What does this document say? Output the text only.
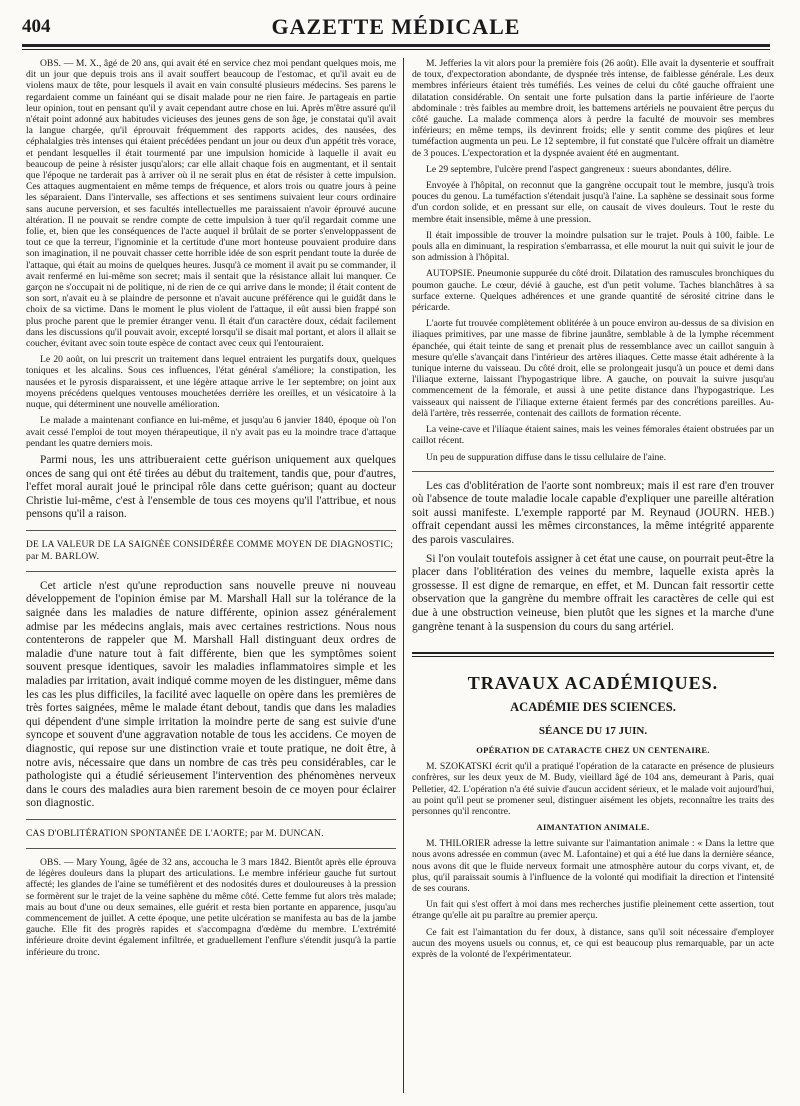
GAZETTE MÉDICALE
404

OBS. — M. X., âgé de 20 ans, qui avait été en service chez moi pendant quelques mois, me dit un jour que depuis trois ans il avait souffert beaucoup de l'estomac, et qu'il avait eu de violens maux de tête, pour lesquels il avait en vain consulté plusieurs médecins. Ses parens le regardaient comme un fainéant qui se disait malade pour ne rien faire. Je partageais en partie leur opinion, tout en pensant qu'il y avait cependant autre chose en lui. Après m'être assuré qu'il n'était point adonné aux habitudes vicieuses des jeunes gens de son âge, je constatai qu'il avait la langue chargée, qu'il éprouvait fréquemment des rapports acides, des nausées, des céphalalgies très intenses qui étaient précédées pendant un jour ou deux d'un appétit très vorace, et pendant lesquelles il était tourmenté par une impulsion homicide à laquelle il avait eu beaucoup de peine à résister jusqu'alors; car elle allait chaque fois en augmentant, et il sentait que l'époque ne tarderait pas à arriver où il ne serait plus en état de résister à cette impulsion. Ces attaques augmentaient en même temps de fréquence, et alors trois ou quatre jours à peine les séparaient. Dans l'intervalle, ses affections et ses sentimens suivaient leur cours ordinaire sans aucune perversion, et ses facultés intellectuelles me paraissaient n'avoir éprouvé aucune altération. Il ne pouvait se rendre compte de cette impulsion à tuer qu'il regardait comme une folie, et, bien que les conséquences de l'acte auquel il brûlait de se porter s'enveloppassent de tout ce que la terreur, l'ignominie et la certitude d'une mort honteuse pouvaient produire dans son imagination, il ne pouvait chasser cette horrible idée de son esprit pendant toute la durée de l'attaque, qui était au moins de quelques heures. Jusqu'à ce moment il avait pu se commander, il avait renfermé en lui-même son secret; mais il sentait que la résistance allait lui manquer. Ce garçon ne s'occupait ni de politique, ni de rien de ce qui arrive dans le monde; il était content de son sort, n'avait eu à se plaindre de personne et n'avait aucune préférence qui le guidât dans le choix de sa victime. Dans le moment le plus violent de l'attaque, il eût aussi bien frappé son plus proche parent que le premier étranger venu. Il était d'un caractère doux, cédait facilement dans les discussions qu'il pouvait avoir, excepté lorsqu'il se disait mal portant, et alors il allait se coucher, évitant avec soin toute espèce de contact avec ceux qui l'entouraient.

Le 20 août, on lui prescrit un traitement dans lequel entraient les purgatifs doux, quelques toniques et les alcalins. Sous ces influences, l'état général s'améliore; la constipation, les nausées et le pyrosis disparaissent, et une légère attaque arrive le 1er septembre; on joint aux moyens précédens quelques ventouses mouchetées derrière les oreilles, et un vésicatoire à la nuque, qui déterminent une nouvelle amélioration.

Le malade a maintenant confiance en lui-même, et jusqu'au 6 janvier 1840, époque où l'on avait cessé l'emploi de tout moyen thérapeutique, il n'y avait pas eu la moindre trace d'attaque pendant les quatre derniers mois.

Parmi nous, les uns attribueraient cette guérison uniquement aux quelques onces de sang qui ont été tirées au début du traitement, tandis que, pour d'autres, l'effet moral aurait joué le principal rôle dans cette guérison; quant au docteur Christie lui-même, c'est à l'ensemble de tous ces moyens qu'il l'attribue, et nous pensons qu'il a raison.

DE LA VALEUR DE LA SAIGNÉE CONSIDÉRÉE COMME MOYEN DE DIAGNOSTIC; par M. BARLOW.

Cet article n'est qu'une reproduction sans nouvelle preuve ni nouveau développement de l'opinion émise par M. Marshall Hall sur la tolérance de la saignée dans les maladies de nature différente, opinion assez généralement admise par les médecins anglais, mais avec certaines restrictions. Nous nous contenterons de rappeler que M. Marshall Hall distinguant deux ordres de maladie d'une nature tout à fait différente, bien que les symptômes soient souvent presque identiques, savoir les maladies inflammatoires simple et les maladies par irritation, avait indiqué comme moyen de les distinguer, même dans les cas les plus difficiles, la facilité avec laquelle on opère dans les premières de très fortes saignées, même le malade étant debout, tandis que dans les maladies qui dépendent d'une simple irritation la moindre perte de sang est suivie d'une syncope et souvent d'une aggravation notable de tous les accidens. Ce moyen de diagnostic, qui repose sur une distinction vraie et toute pratique, ne doit être, à notre avis, nécessaire que dans un nombre de cas très peu considérables, car le pathologiste qui a étudié sérieusement l'intervention des phénomènes nerveux dans le cours des maladies aura bien rarement besoin de ce moyen pour éclairer son diagnostic.

CAS D'OBLITÉRATION SPONTANÉE DE L'AORTE; par M. DUNCAN.

OBS. — Mary Young, âgée de 32 ans, accoucha le 3 mars 1842. Bientôt après elle éprouva de légères douleurs dans la plupart des articulations. Le membre inférieur gauche fut surtout affecté; les glandes de l'aine se tuméfièrent et des nodosités dures et douloureuses à la pression se formèrent sur le trajet de la veine saphène du même côté. Cette femme fut alors très malade; mais au bout d'une ou deux semaines, elle guérit et resta bien portante en apparence, jusqu'au commencement de juillet. A cette époque, une petite ulcération se manifesta au bas de la jambe gauche. Elle fit des progrès rapides et s'accompagna d'œdème du membre. L'extrémité inférieure droite devint également infiltrée, et graduellement l'enflure s'étendit jusqu'à la partie inférieure du tronc.

M. Jefferies la vit alors pour la première fois (26 août). Elle avait la dysenterie et souffrait de toux, d'expectoration abondante, de dyspnée très intense, de faiblesse générale. Les deux membres inférieurs étaient très tuméfiés. Les veines de celui du côté gauche offraient une dilatation considérable. On sentait une forte pulsation dans la partie inférieure de l'aorte abdominale : très faibles au membre droit, les battemens artériels ne pouvaient être perçus du côté gauche. La malade commença alors à perdre la faculté de mouvoir ses membres inférieurs; en même temps, ils devinrent froids; elle y sentit comme des piqûres et leur tuméfaction augmenta un peu. Le 12 septembre, il fut constaté que l'ulcère offrait un diamètre de 3 pouces. L'expectoration et la dyspnée avaient été en augmentant.

Le 29 septembre, l'ulcère prend l'aspect gangreneux : sueurs abondantes, délire.

Envoyée à l'hôpital, on reconnut que la gangrène occupait tout le membre, jusqu'à trois pouces du genou. La tuméfaction s'étendait jusqu'à l'aine. La saphène se dessinait sous forme d'un cordon solide, et en pressant sur elle, on causait de vives douleurs. Tout le reste du membre était insensible, même à une pression.

Il était impossible de trouver la moindre pulsation sur le trajet. Pouls à 100, faible. Le pouls alla en diminuant, la respiration s'embarrassa, et elle mourut la nuit qui suivit le jour de son admission à l'hôpital.

AUTOPSIE. Pneumonie suppurée du côté droit. Dilatation des ramuscules bronchiques du poumon gauche. Le cœur, dévié à gauche, est d'un petit volume. Taches blanchâtres à sa surface externe. Quelques adhérences et une grande quantité de sérosité citrine dans le péricarde.

L'aorte fut trouvée complètement oblitérée à un pouce environ au-dessus de sa division en iliaques primitives, par une masse de fibrine jaunâtre, semblable à de la lymphe récemment épanchée, qui était teinte de sang et prenait plus de ressemblance avec un caillot sanguin à mesure qu'elle s'avançait dans l'intérieur des artères iliaques. Cette masse était adhérente à la tunique interne du vaisseau. Du côté droit, elle se prolongeait jusqu'à un pouce et demi dans l'iliaque externe, laissant l'hypogastrique libre. A gauche, on pouvait la suivre jusqu'au commencement de la fémorale, et aussi à une petite distance dans l'hypogastrique. Les vaisseaux qui naissent de l'iliaque externe étaient fermés par des concrétions pareilles. Au-delà l'artère, très resserrée, contenait des caillots de formation récente.

La veine-cave et l'iliaque étaient saines, mais les veines fémorales étaient obstruées par un caillot récent.

Un peu de suppuration diffuse dans le tissu cellulaire de l'aine.

Les cas d'oblitération de l'aorte sont nombreux; mais il est rare d'en trouver où l'absence de toute maladie locale capable d'expliquer une pareille altération soit aussi manifeste. L'exemple rapporté par M. Reynaud (JOURN. HEB.) offrait cependant aussi les mêmes circonstances, la même intégrité apparente des parois vasculaires.

Si l'on voulait toutefois assigner à cet état une cause, on pourrait peut-être la placer dans l'oblitération des veines du membre, laquelle exista après la grossesse. Il est digne de remarque, en effet, et M. Duncan fait ressortir cette observation que la gangrène du membre offrait les caractères de celle qui est due à une obstruction veineuse, bien plutôt que les signes et la marche d'une gangrène tenant à la suspension du cours du sang artériel.

TRAVAUX ACADÉMIQUES.
ACADÉMIE DES SCIENCES.
SÉANCE DU 17 JUIN.
OPÉRATION DE CATARACTE CHEZ UN CENTENAIRE.

M. SZOKATSKI écrit qu'il a pratiqué l'opération de la cataracte en présence de plusieurs confrères, sur les deux yeux de M. Budy, vieillard âgé de 104 ans, demeurant à Paris, quai Pelletier, 42. L'opération n'a été suivie d'aucun accident sérieux, et le malade voit aujourd'hui, au point qu'il peut se promener seul, distinguer aisément les objets, reconnaître les traits des personnes qu'il rencontre.

AIMANTATION ANIMALE.

M. THILORIER adresse la lettre suivante sur l'aimantation animale : « Dans la lettre que nous avons adressée en commun (avec M. Lafontaine) et qui a été lue dans la dernière séance, nous avons dit que le fluide nerveux formait une atmosphère autour du corps vivant, et, de plus, qu'il paraissait soumis à l'influence de la volonté qui modifiait la direction et l'intensité de ses courans.

Un fait qui s'est offert à moi dans mes recherches justifie pleinement cette assertion, tout étrange qu'elle ait pu paraître au premier aperçu.

Ce fait est l'aimantation du fer doux, à distance, sans qu'il soit nécessaire d'employer aucun des moyens usuels ou connus, et, ce qui est beaucoup plus remarquable, par un acte exprès de la volonté de l'expérimentateur.
